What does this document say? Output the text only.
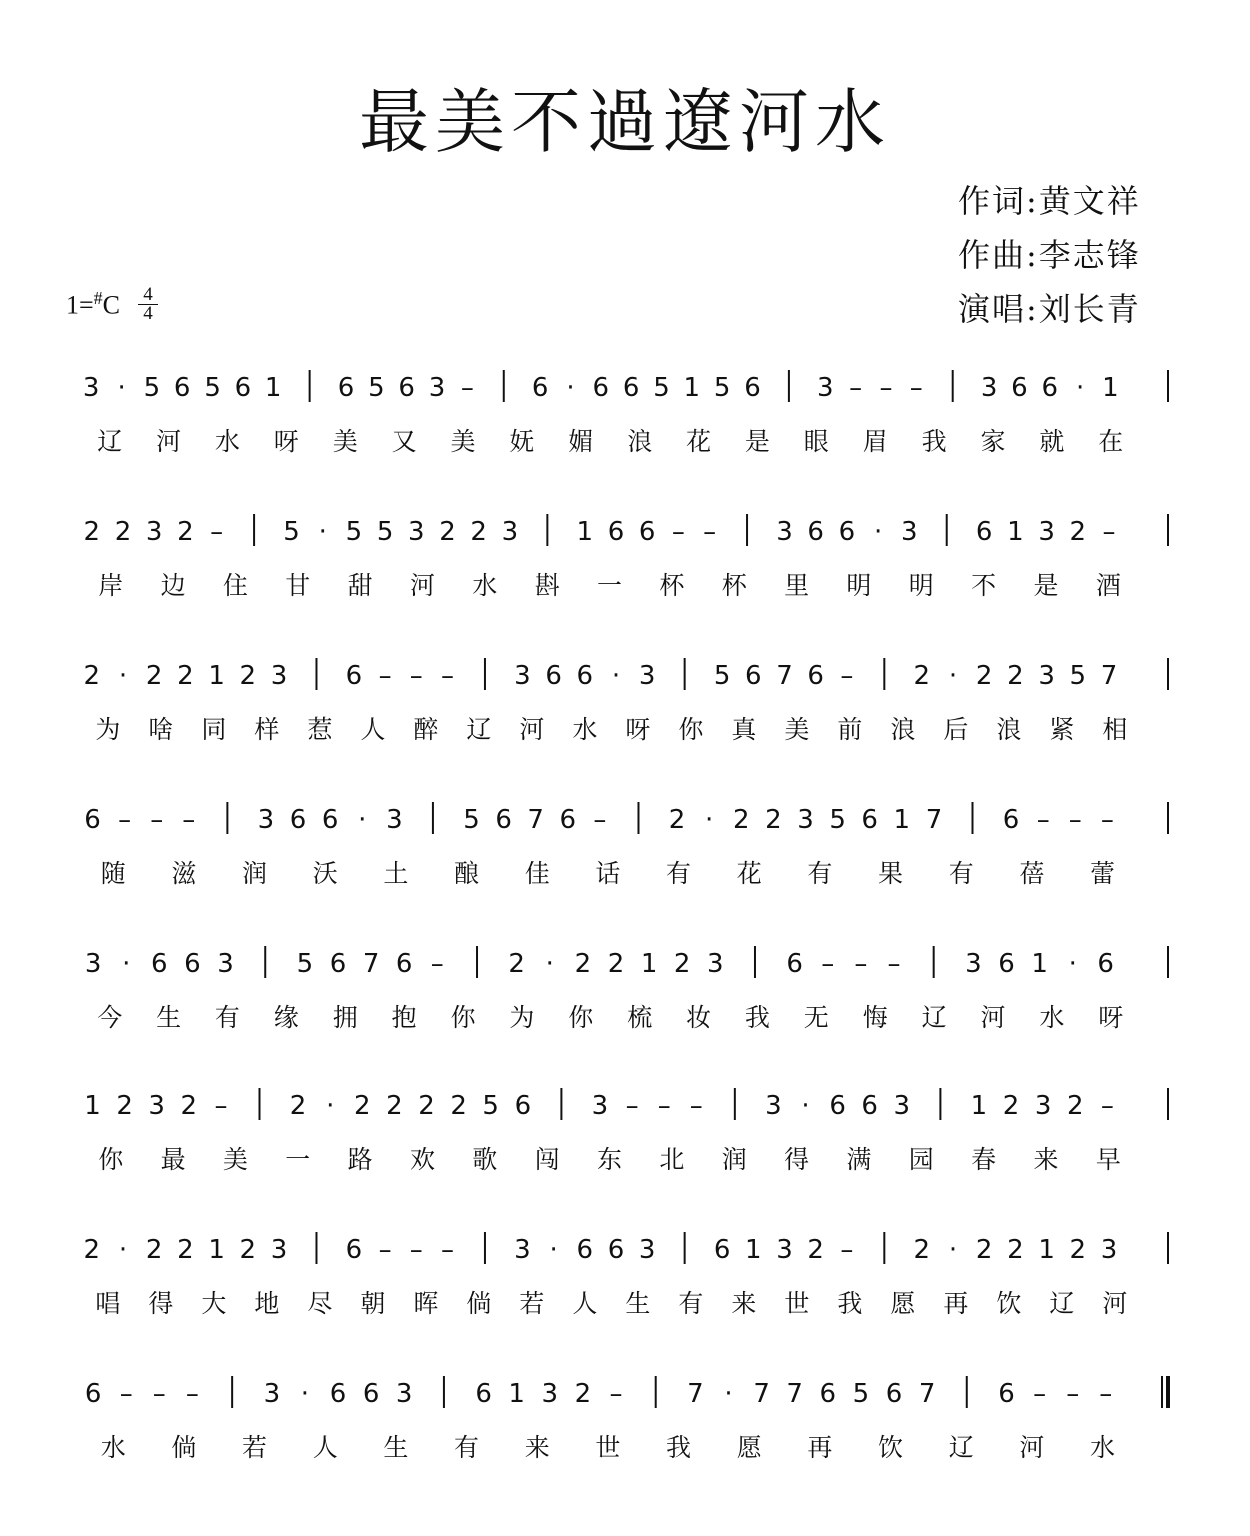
最美不過遼河水
作词:黄文祥
作曲:李志锋
演唱:刘长青
1=#C 4
4
3 · 5 6 5 6 1 6 5 6 3 – 6 · 6 6 5 1 5 6 3 – – – 3 6 6 · 1
辽 河 水 呀 美 又 美 妩 媚 浪 花 是 眼 眉 我 家 就 在
2 2 3 2 – 5 · 5 5 3 2 2 3 1 6 6 – – 3 6 6 · 3 6 1 3 2 –
岸 边 住 甘 甜 河 水 斟 一 杯 杯 里 明 明 不 是 酒
2 · 2 2 1 2 3 6 – – – 3 6 6 · 3 5 6 7 6 – 2 · 2 2 3 5 7
为 啥 同 样 惹 人 醉 辽 河 水 呀 你 真 美 前 浪 后 浪 紧 相
6 – – – 3 6 6 · 3 5 6 7 6 – 2 · 2 2 3 5 6 1 7 6 – – –
随 滋 润 沃 土 酿 佳 话 有 花 有 果 有 蓓 蕾
3 · 6 6 3 5 6 7 6 – 2 · 2 2 1 2 3 6 – – – 3 6 1 · 6
今 生 有 缘 拥 抱 你 为 你 梳 妆 我 无 悔 辽 河 水 呀
1 2 3 2 – 2 · 2 2 2 2 5 6 3 – – – 3 · 6 6 3 1 2 3 2 –
你 最 美 一 路 欢 歌 闯 东 北 润 得 满 园 春 来 早
2 · 2 2 1 2 3 6 – – – 3 · 6 6 3 6 1 3 2 – 2 · 2 2 1 2 3
唱 得 大 地 尽 朝 晖 倘 若 人 生 有 来 世 我 愿 再 饮 辽 河
6 – – – 3 · 6 6 3 6 1 3 2 – 7 · 7 7 6 5 6 7 6 – – –
水 倘 若 人 生 有 来 世 我 愿 再 饮 辽 河 水
